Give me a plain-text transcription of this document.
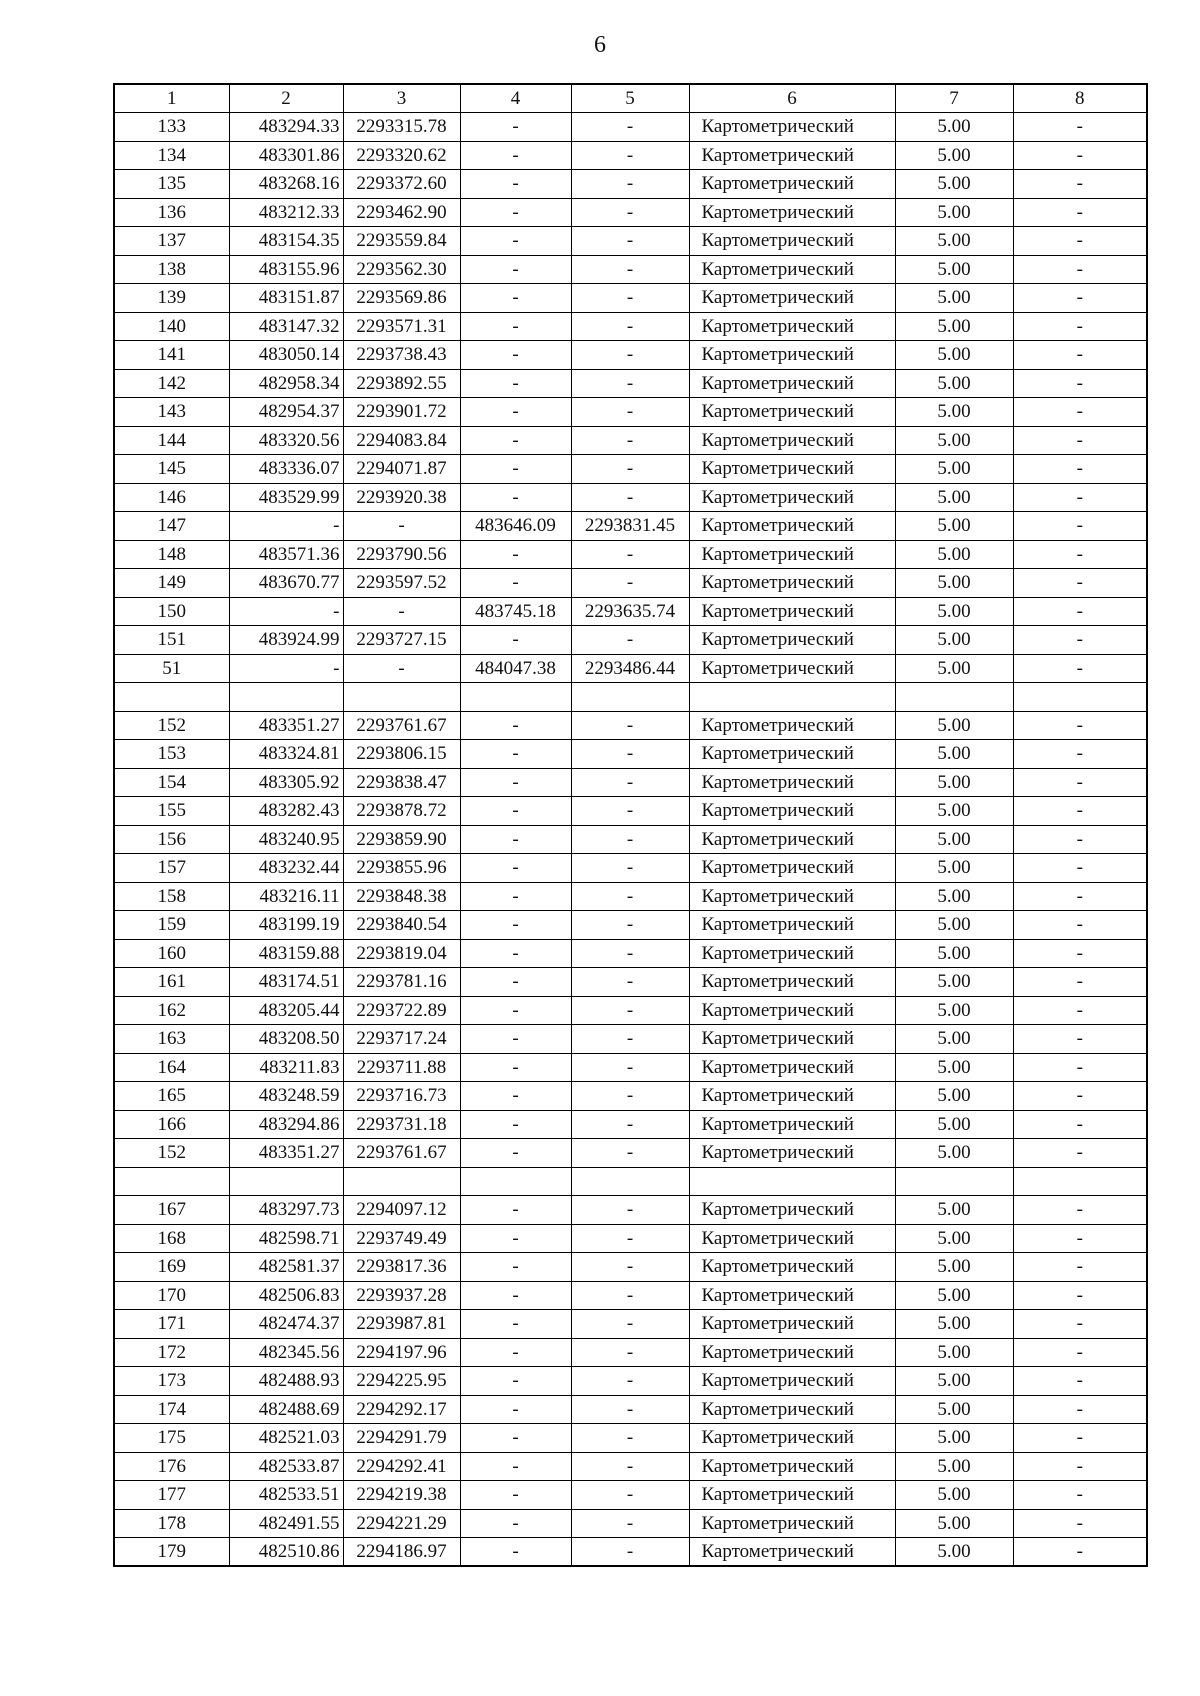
6
1	2	3	4	5	6	7	8
133	483294.33	2293315.78	-	-	Картометрический	5.00	-
134	483301.86	2293320.62	-	-	Картометрический	5.00	-
135	483268.16	2293372.60	-	-	Картометрический	5.00	-
136	483212.33	2293462.90	-	-	Картометрический	5.00	-
137	483154.35	2293559.84	-	-	Картометрический	5.00	-
138	483155.96	2293562.30	-	-	Картометрический	5.00	-
139	483151.87	2293569.86	-	-	Картометрический	5.00	-
140	483147.32	2293571.31	-	-	Картометрический	5.00	-
141	483050.14	2293738.43	-	-	Картометрический	5.00	-
142	482958.34	2293892.55	-	-	Картометрический	5.00	-
143	482954.37	2293901.72	-	-	Картометрический	5.00	-
144	483320.56	2294083.84	-	-	Картометрический	5.00	-
145	483336.07	2294071.87	-	-	Картометрический	5.00	-
146	483529.99	2293920.38	-	-	Картометрический	5.00	-
147	-	-	483646.09	2293831.45	Картометрический	5.00	-
148	483571.36	2293790.56	-	-	Картометрический	5.00	-
149	483670.77	2293597.52	-	-	Картометрический	5.00	-
150	-	-	483745.18	2293635.74	Картометрический	5.00	-
151	483924.99	2293727.15	-	-	Картометрический	5.00	-
51	-	-	484047.38	2293486.44	Картометрический	5.00	-

152	483351.27	2293761.67	-	-	Картометрический	5.00	-
153	483324.81	2293806.15	-	-	Картометрический	5.00	-
154	483305.92	2293838.47	-	-	Картометрический	5.00	-
155	483282.43	2293878.72	-	-	Картометрический	5.00	-
156	483240.95	2293859.90	-	-	Картометрический	5.00	-
157	483232.44	2293855.96	-	-	Картометрический	5.00	-
158	483216.11	2293848.38	-	-	Картометрический	5.00	-
159	483199.19	2293840.54	-	-	Картометрический	5.00	-
160	483159.88	2293819.04	-	-	Картометрический	5.00	-
161	483174.51	2293781.16	-	-	Картометрический	5.00	-
162	483205.44	2293722.89	-	-	Картометрический	5.00	-
163	483208.50	2293717.24	-	-	Картометрический	5.00	-
164	483211.83	2293711.88	-	-	Картометрический	5.00	-
165	483248.59	2293716.73	-	-	Картометрический	5.00	-
166	483294.86	2293731.18	-	-	Картометрический	5.00	-
152	483351.27	2293761.67	-	-	Картометрический	5.00	-

167	483297.73	2294097.12	-	-	Картометрический	5.00	-
168	482598.71	2293749.49	-	-	Картометрический	5.00	-
169	482581.37	2293817.36	-	-	Картометрический	5.00	-
170	482506.83	2293937.28	-	-	Картометрический	5.00	-
171	482474.37	2293987.81	-	-	Картометрический	5.00	-
172	482345.56	2294197.96	-	-	Картометрический	5.00	-
173	482488.93	2294225.95	-	-	Картометрический	5.00	-
174	482488.69	2294292.17	-	-	Картометрический	5.00	-
175	482521.03	2294291.79	-	-	Картометрический	5.00	-
176	482533.87	2294292.41	-	-	Картометрический	5.00	-
177	482533.51	2294219.38	-	-	Картометрический	5.00	-
178	482491.55	2294221.29	-	-	Картометрический	5.00	-
179	482510.86	2294186.97	-	-	Картометрический	5.00	-
